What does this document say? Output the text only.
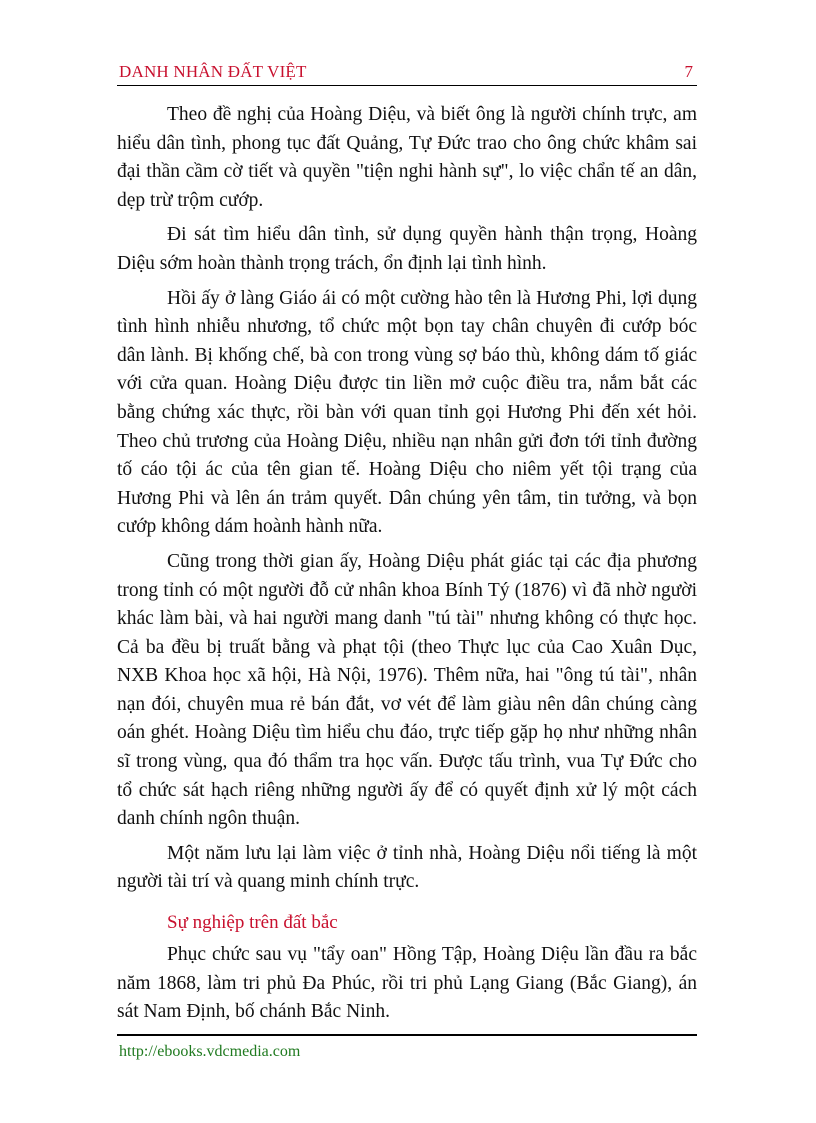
DANH NHÂN ĐẤT VIỆT	7

Theo đề nghị của Hoàng Diệu, và biết ông là người chính trực, am hiểu dân tình, phong tục đất Quảng, Tự Đức trao cho ông chức khâm sai đại thần cầm cờ tiết và quyền "tiện nghi hành sự", lo việc chẩn tế an dân, dẹp trừ trộm cướp.

Đi sát tìm hiểu dân tình, sử dụng quyền hành thận trọng, Hoàng Diệu sớm hoàn thành trọng trách, ổn định lại tình hình.

Hồi ấy ở làng Giáo ái có một cường hào tên là Hương Phi, lợi dụng tình hình nhiễu nhương, tổ chức một bọn tay chân chuyên đi cướp bóc dân lành. Bị khống chế, bà con trong vùng sợ báo thù, không dám tố giác với cửa quan. Hoàng Diệu được tin liền mở cuộc điều tra, nắm bắt các bằng chứng xác thực, rồi bàn với quan tỉnh gọi Hương Phi đến xét hỏi. Theo chủ trương của Hoàng Diệu, nhiều nạn nhân gửi đơn tới tỉnh đường tố cáo tội ác của tên gian tế. Hoàng Diệu cho niêm yết tội trạng của Hương Phi và lên án trảm quyết. Dân chúng yên tâm, tin tưởng, và bọn cướp không dám hoành hành nữa.

Cũng trong thời gian ấy, Hoàng Diệu phát giác tại các địa phương trong tỉnh có một người đỗ cử nhân khoa Bính Tý (1876) vì đã nhờ người khác làm bài, và hai người mang danh "tú tài" nhưng không có thực học. Cả ba đều bị truất bằng và phạt tội (theo Thực lục của Cao Xuân Dục, NXB Khoa học xã hội, Hà Nội, 1976). Thêm nữa, hai "ông tú tài", nhân nạn đói, chuyên mua rẻ bán đắt, vơ vét để làm giàu nên dân chúng càng oán ghét. Hoàng Diệu tìm hiểu chu đáo, trực tiếp gặp họ như những nhân sĩ trong vùng, qua đó thẩm tra học vấn. Được tấu trình, vua Tự Đức cho tổ chức sát hạch riêng những người ấy để có quyết định xử lý một cách danh chính ngôn thuận.

Một năm lưu lại làm việc ở tỉnh nhà, Hoàng Diệu nổi tiếng là một người tài trí và quang minh chính trực.

Sự nghiệp trên đất bắc

Phục chức sau vụ "tẩy oan" Hồng Tập, Hoàng Diệu lần đầu ra bắc năm 1868, làm tri phủ Đa Phúc, rồi tri phủ Lạng Giang (Bắc Giang), án sát Nam Định, bố chánh Bắc Ninh.

http://ebooks.vdcmedia.com
